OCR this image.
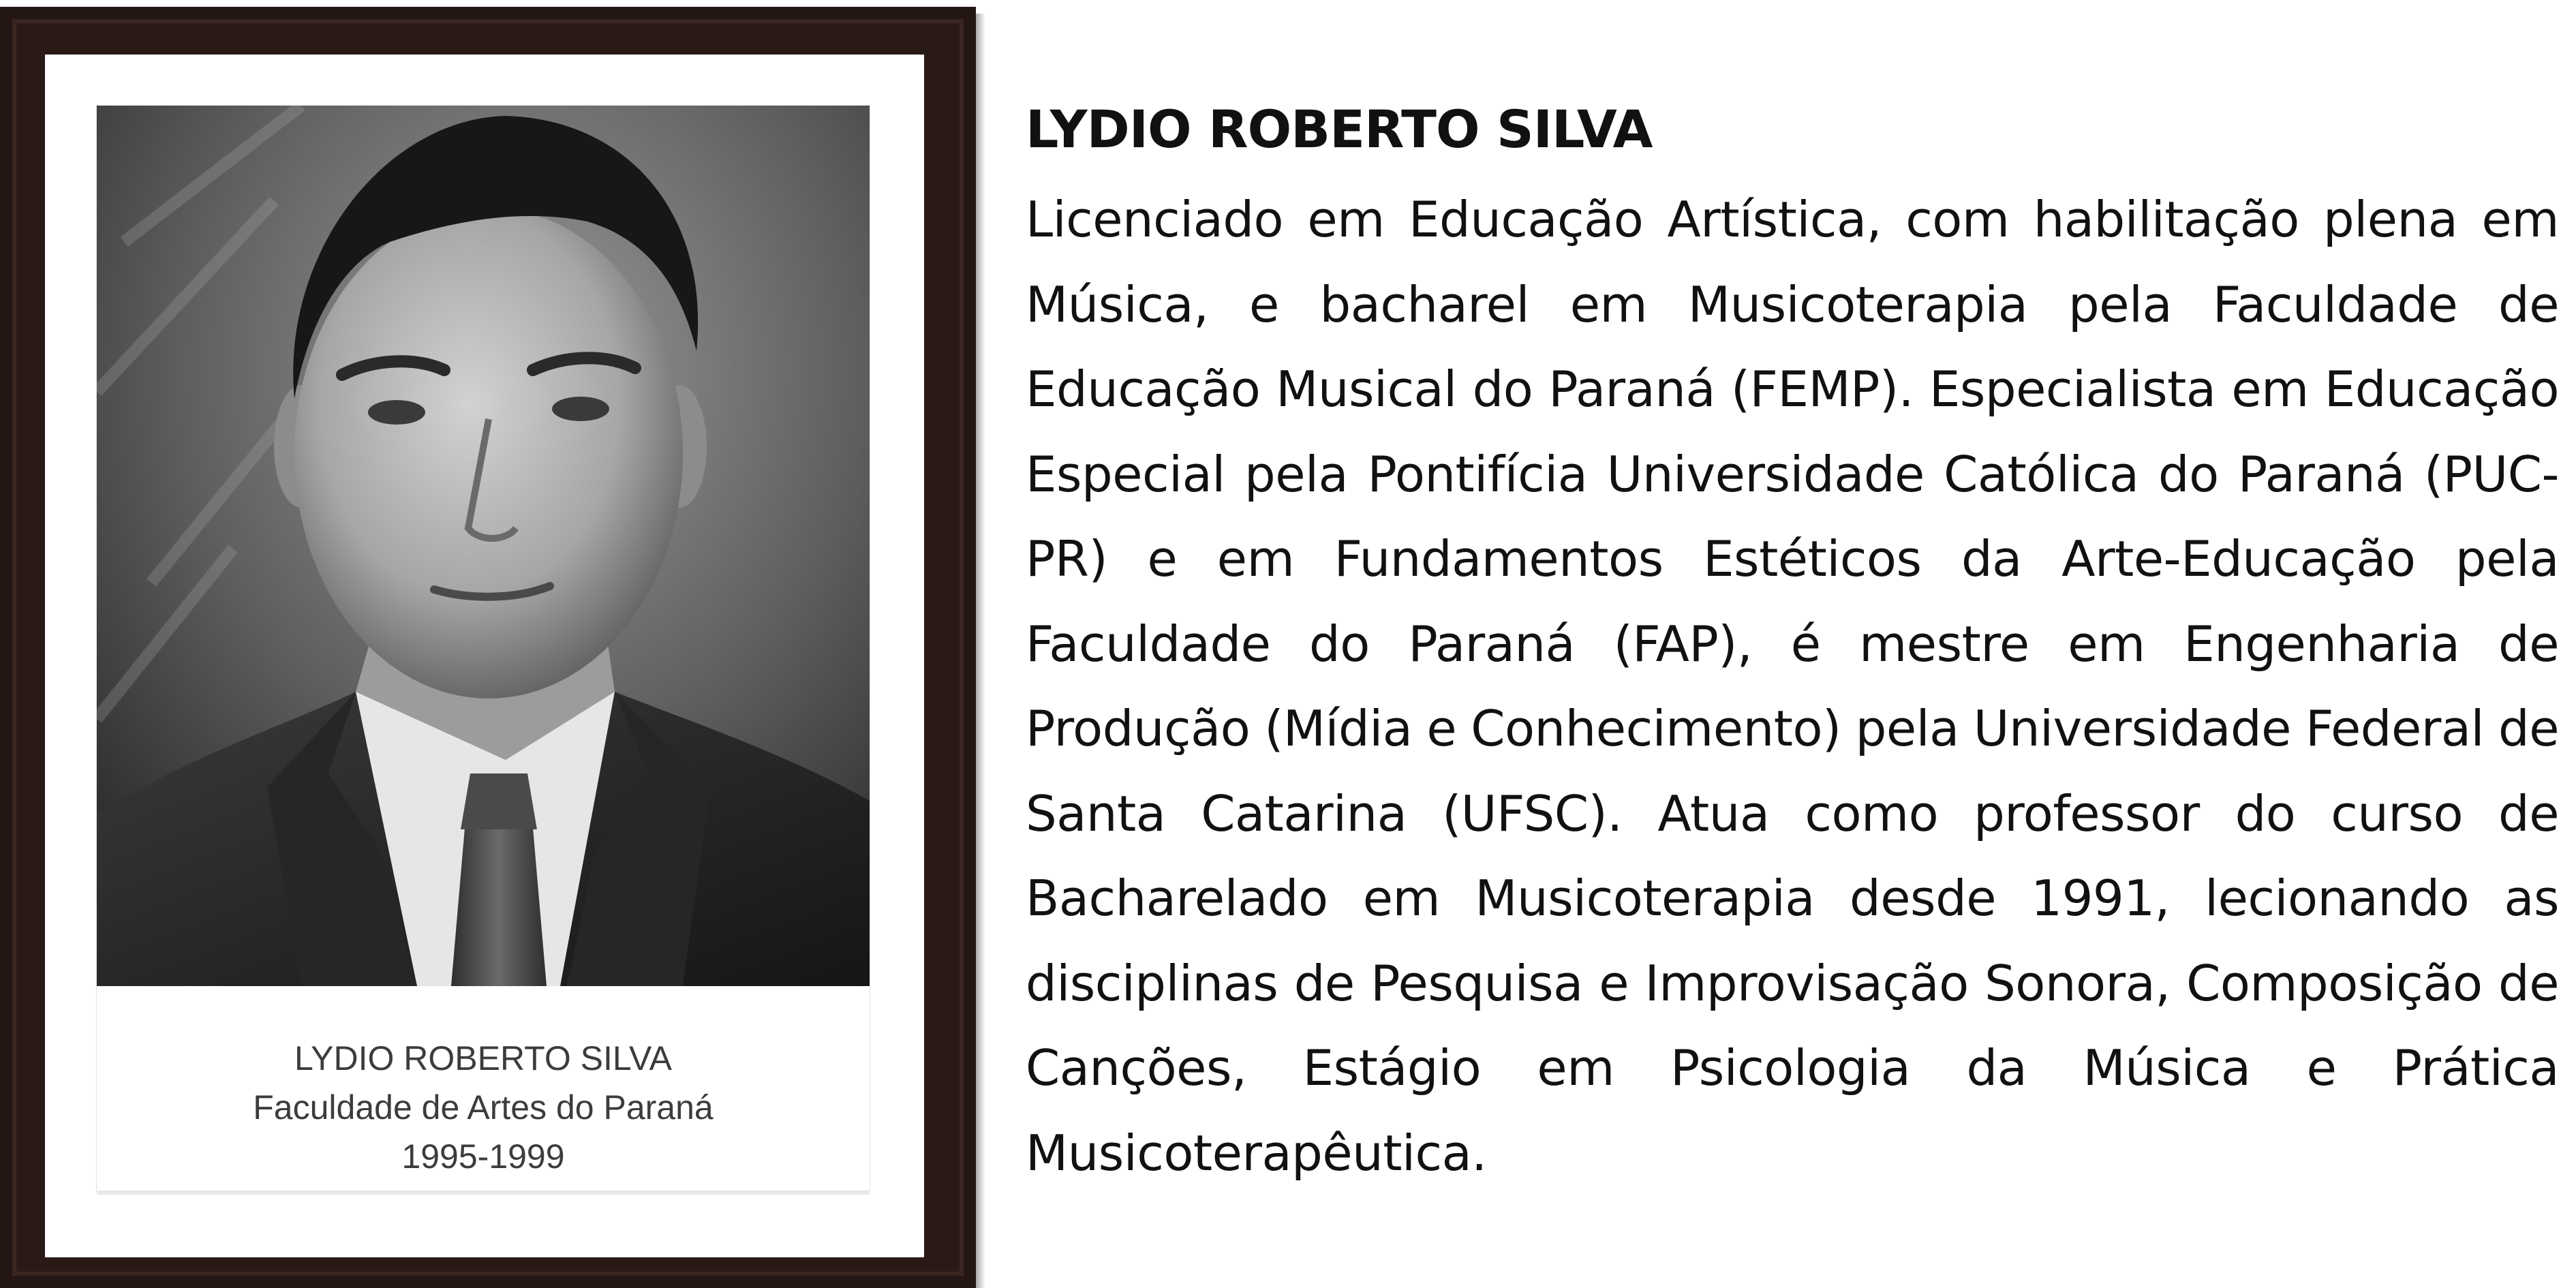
LYDIO ROBERTO SILVA
Faculdade de Artes do Paraná
1995-1999
LYDIO ROBERTO SILVA
Licenciado em Educação Artística, com habilitação plena em Música, e bacharel em Musicoterapia pela Faculdade de Educação Musical do Paraná (FEMP). Especialista em Educação Especial pela Pontifícia Universidade Católica do Paraná (PUC-PR) e em Fundamentos Estéticos da Arte-Educação pela Faculdade do Paraná (FAP), é mestre em Engenharia de Produção (Mídia e Conhecimento) pela Universidade Federal de Santa Catarina (UFSC). Atua como professor do curso de Bacharelado em Musicoterapia desde 1991, lecionando as disciplinas de Pesquisa e Improvisação Sonora, Composição de Canções, Estágio em Psicologia da Música e Prática Musicoterapêutica.
